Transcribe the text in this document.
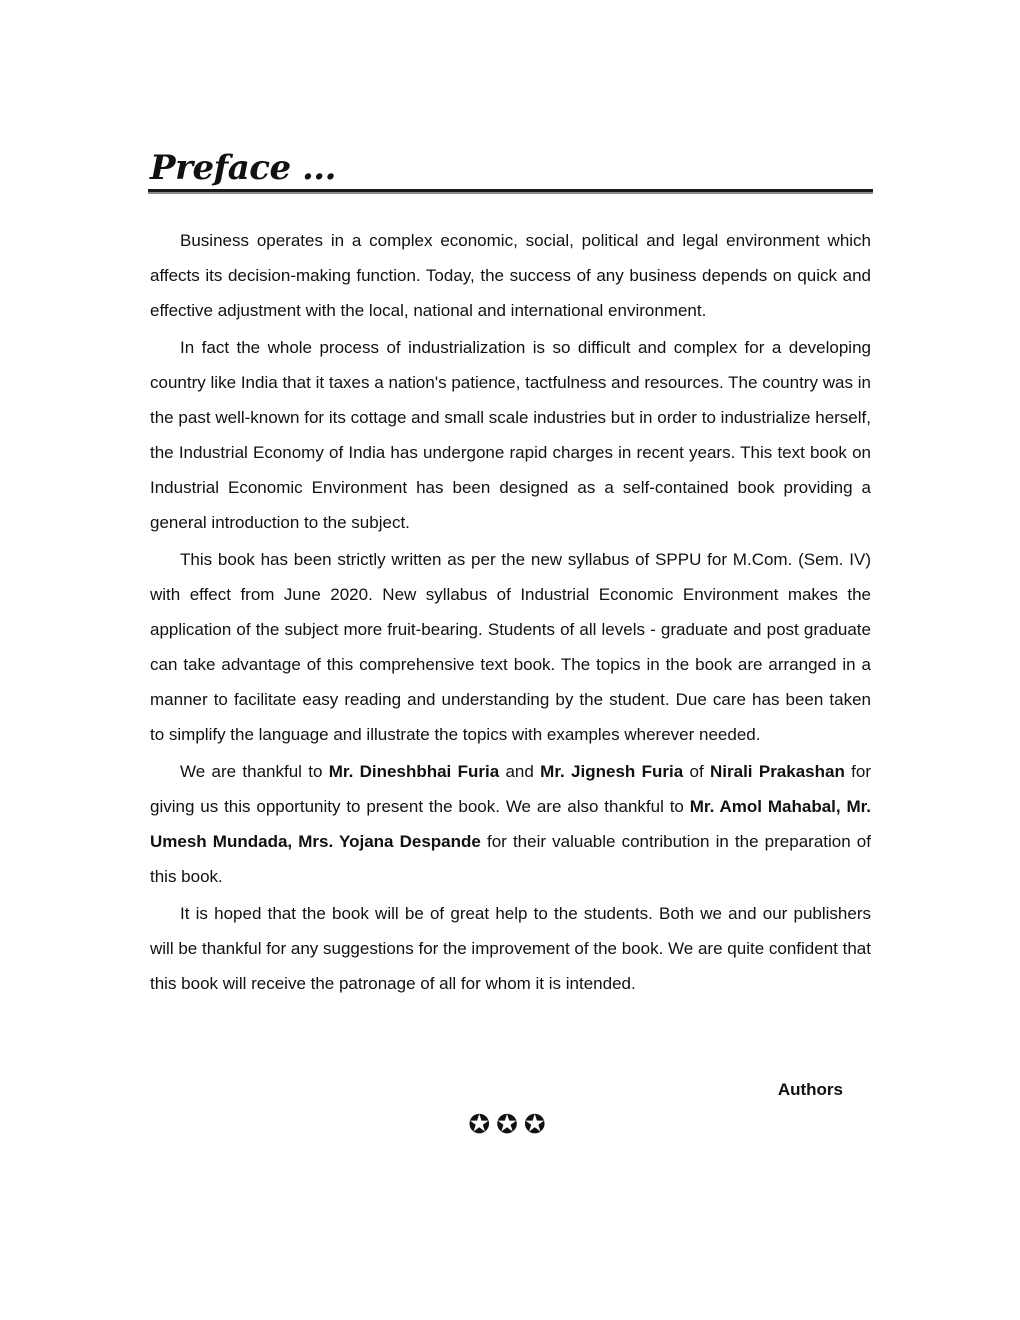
Preface ...

Business operates in a complex economic, social, political and legal environment which affects its decision-making function. Today, the success of any business depends on quick and effective adjustment with the local, national and international environment.

In fact the whole process of industrialization is so difficult and complex for a developing country like India that it taxes a nation's patience, tactfulness and resources. The country was in the past well-known for its cottage and small scale industries but in order to industrialize herself, the Industrial Economy of India has undergone rapid charges in recent years. This text book on Industrial Economic Environment has been designed as a self-contained book providing a general introduction to the subject.

This book has been strictly written as per the new syllabus of SPPU for M.Com. (Sem. IV) with effect from June 2020. New syllabus of Industrial Economic Environment makes the application of the subject more fruit-bearing. Students of all levels - graduate and post graduate can take advantage of this comprehensive text book. The topics in the book are arranged in a manner to facilitate easy reading and understanding by the student. Due care has been taken to simplify the language and illustrate the topics with examples wherever needed.

We are thankful to Mr. Dineshbhai Furia and Mr. Jignesh Furia of Nirali Prakashan for giving us this opportunity to present the book. We are also thankful to Mr. Amol Mahabal, Mr. Umesh Mundada, Mrs. Yojana Despande for their valuable contribution in the preparation of this book.

It is hoped that the book will be of great help to the students. Both we and our publishers will be thankful for any suggestions for the improvement of the book. We are quite confident that this book will receive the patronage of all for whom it is intended.

Authors
✪✪✪
